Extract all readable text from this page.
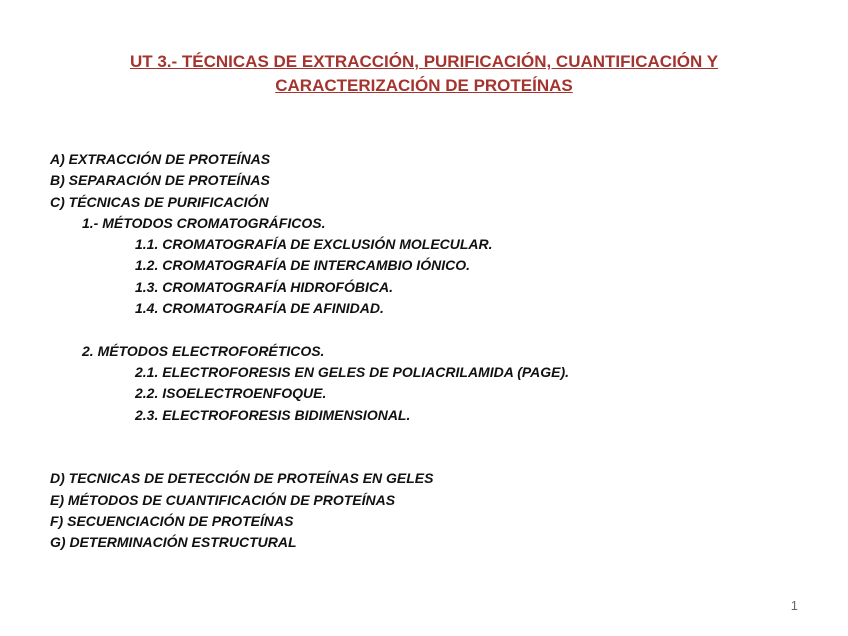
UT 3.- TÉCNICAS DE EXTRACCIÓN, PURIFICACIÓN, CUANTIFICACIÓN Y
CARACTERIZACIÓN DE PROTEÍNAS
A) EXTRACCIÓN DE PROTEÍNAS
B) SEPARACIÓN DE PROTEÍNAS
C) TÉCNICAS DE PURIFICACIÓN
1.- MÉTODOS CROMATOGRÁFICOS.
1.1. CROMATOGRAFÍA DE EXCLUSIÓN MOLECULAR.
1.2. CROMATOGRAFÍA DE INTERCAMBIO IÓNICO.
1.3. CROMATOGRAFÍA HIDROFÓBICA.
1.4. CROMATOGRAFÍA DE AFINIDAD.
2. MÉTODOS ELECTROFORÉTICOS.
2.1. ELECTROFORESIS EN GELES DE POLIACRILAMIDA (PAGE).
2.2. ISOELECTROENFOQUE.
2.3. ELECTROFORESIS BIDIMENSIONAL.
D) TECNICAS DE DETECCIÓN DE PROTEÍNAS EN GELES
E) MÉTODOS DE CUANTIFICACIÓN DE PROTEÍNAS
F) SECUENCIACIÓN DE PROTEÍNAS
G) DETERMINACIÓN ESTRUCTURAL
1
